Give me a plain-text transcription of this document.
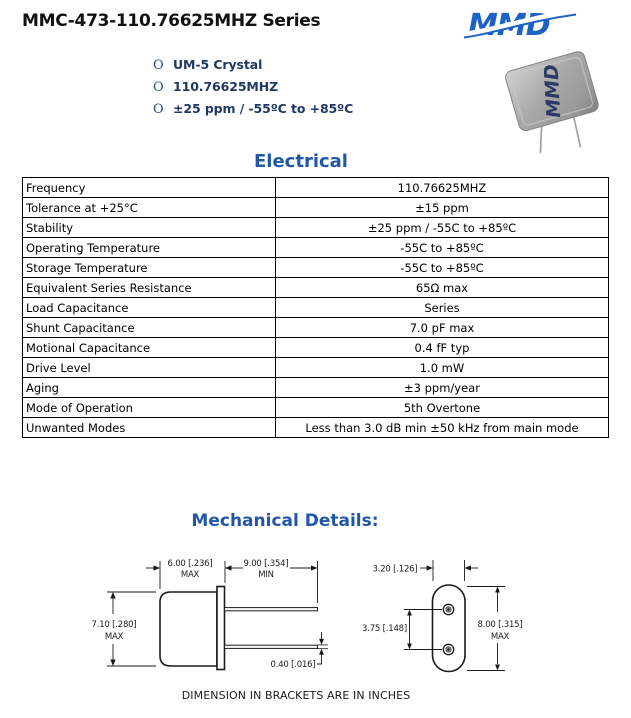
MMC-473-110.76625MHZ Series	MMD
O UM-5 Crystal
O 110.76625MHZ
O ±25 ppm / -55ºC to +85ºC	MMD
Electrical
Frequency	110.76625MHZ
Tolerance at +25°C	±15 ppm
Stability	±25 ppm / -55C to +85ºC
Operating Temperature	-55C to +85ºC
Storage Temperature	-55C to +85ºC
Equivalent Series Resistance	65Ω max
Load Capacitance	Series
Shunt Capacitance	7.0 pF max
Motional Capacitance	0.4 fF typ
Drive Level	1.0 mW
Aging	±3 ppm/year
Mode of Operation	5th Overtone
Unwanted Modes	Less than 3.0 dB min ±50 kHz from main mode
Mechanical Details:
6.00 [.236]
MAX
9.00 [.354]
MIN
7.10 [.280]
MAX
0.40 [.016]
3.20 [.126]
3.75 [.148]	8.00 [.315]
MAX
DIMENSION IN BRACKETS ARE IN INCHES
